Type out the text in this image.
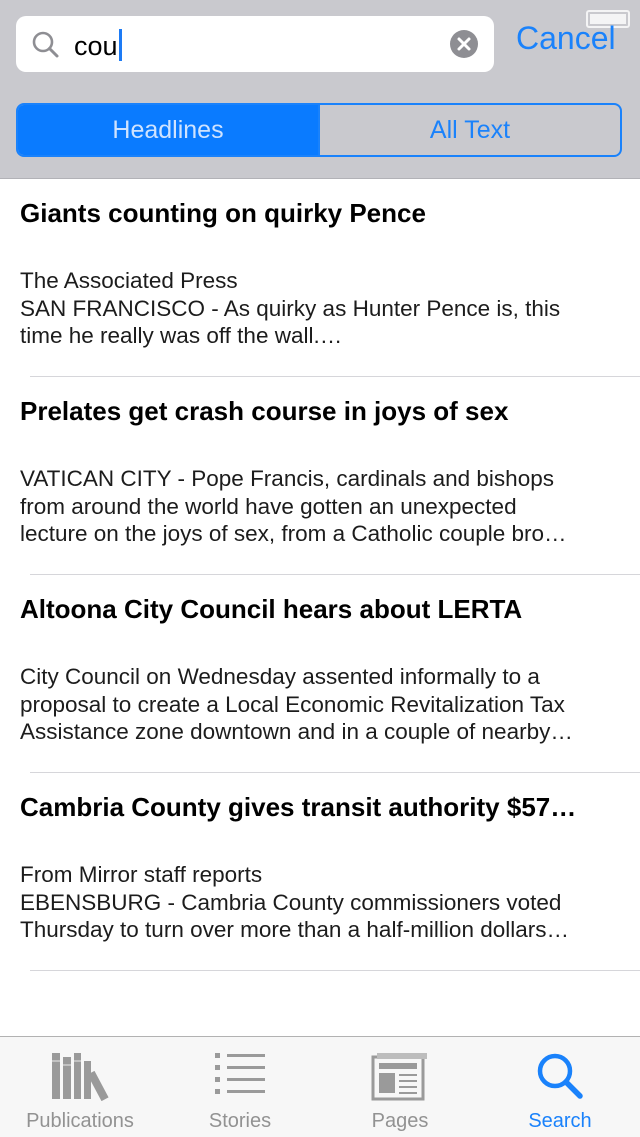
cou	Cancel
Headlines	All Text
Giants counting on quirky Pence
The Associated Press
SAN FRANCISCO - As quirky as Hunter Pence is, this
time he really was off the wall.…
Prelates get crash course in joys of sex
VATICAN CITY - Pope Francis, cardinals and bishops
from around the world have gotten an unexpected
lecture on the joys of sex, from a Catholic couple bro…
Altoona City Council hears about LERTA
City Council on Wednesday assented informally to a
proposal to create a Local Economic Revitalization Tax
Assistance zone downtown and in a couple of nearby…
Cambria County gives transit authority $57…
From Mirror staff reports
EBENSBURG - Cambria County commissioners voted
Thursday to turn over more than a half-million dollars…
Publications	Stories	Pages	Search
